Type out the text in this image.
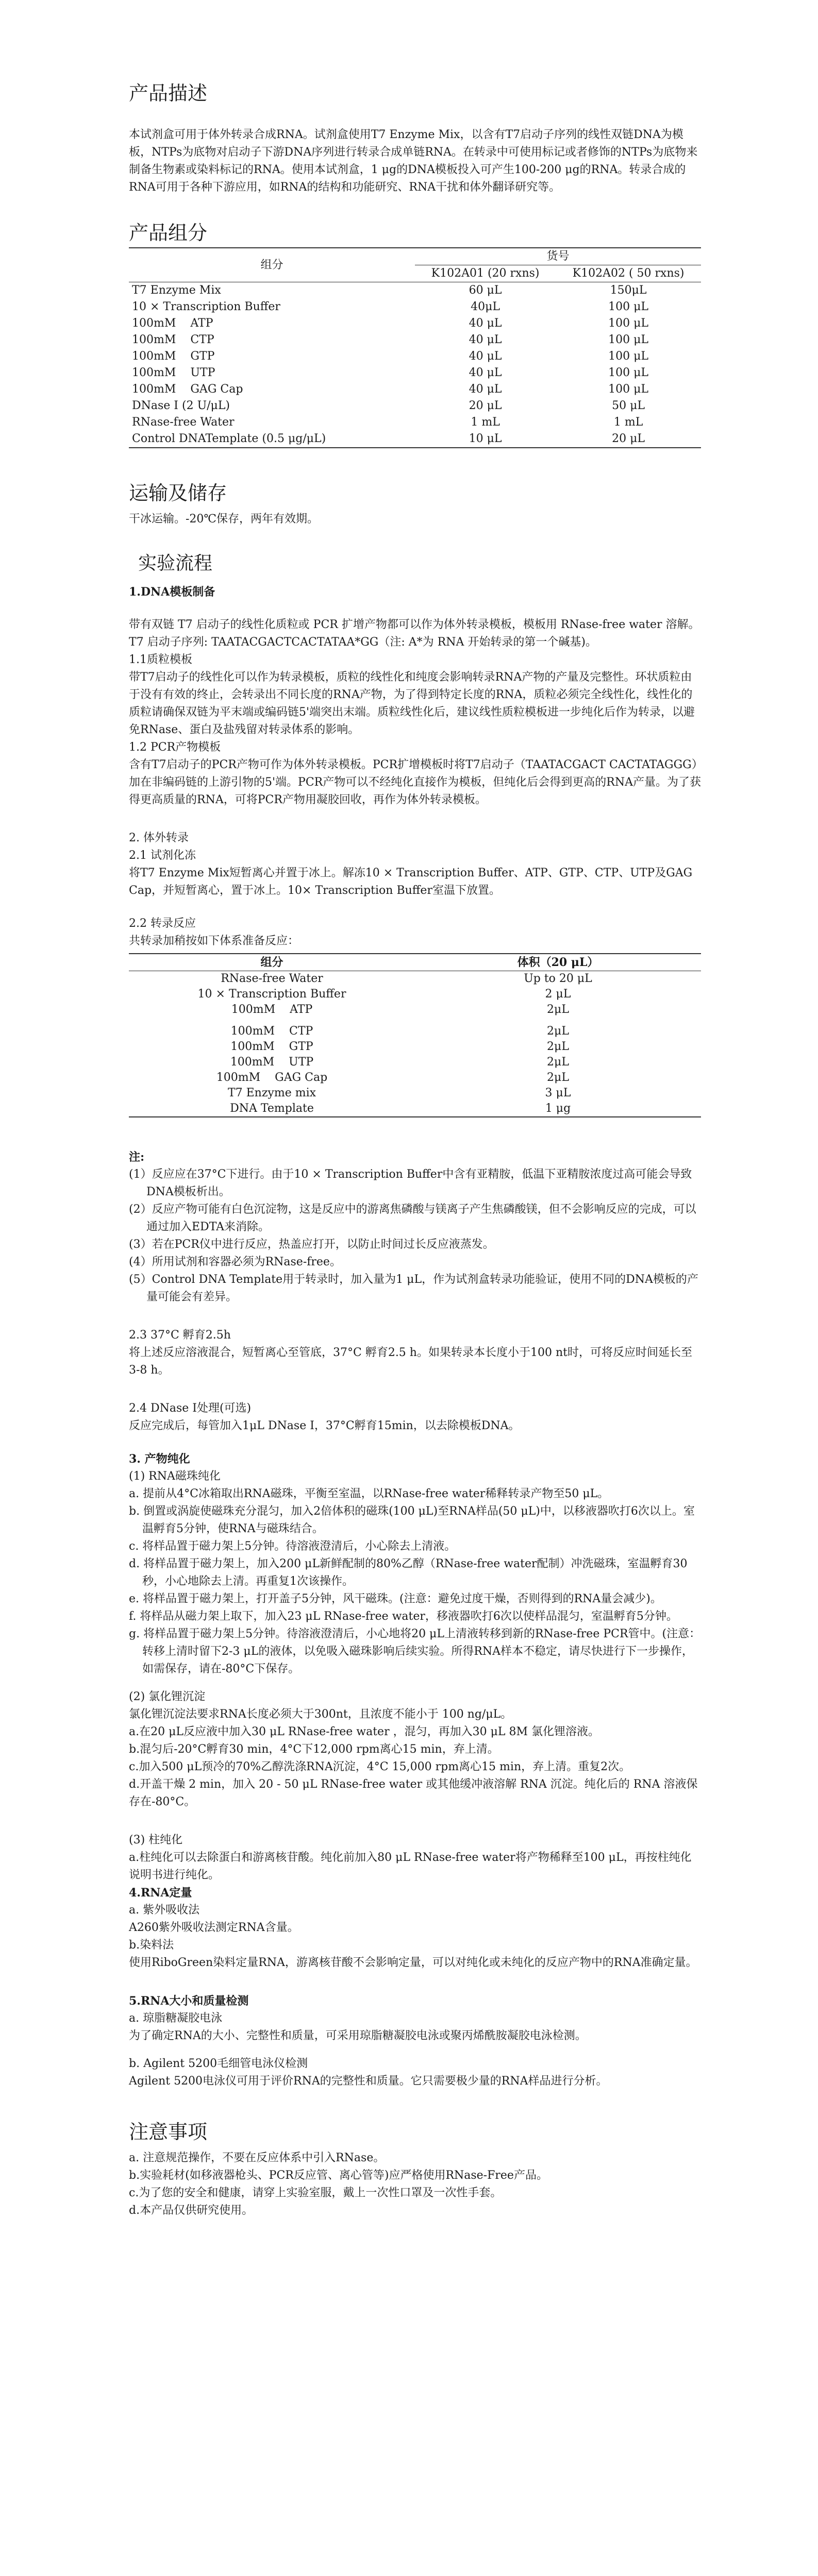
产品描述

本试剂盒可用于体外转录合成RNA。试剂盒使用T7 Enzyme Mix，以含有T7启动子序列的线性双链DNA为模板，NTPs为底物对启动子下游DNA序列进行转录合成单链RNA。在转录中可使用标记或者修饰的NTPs为底物来制备生物素或染料标记的RNA。使用本试剂盒，1 μg的DNA模板投入可产生100-200 μg的RNA。转录合成的RNA可用于各种下游应用，如RNA的结构和功能研究、RNA干扰和体外翻译研究等。

产品组分
组分	货号	
	K102A01 (20 rxns)	K102A02 ( 50 rxns)
T7 Enzyme Mix	60 μL	150μL
10 × Transcription Buffer	40μL	100 μL
100mM    ATP	40 μL	100 μL
100mM    CTP	40 μL	100 μL
100mM    GTP	40 μL	100 μL
100mM    UTP	40 μL	100 μL
100mM    GAG Cap	40 μL	100 μL
DNase I (2 U/μL)	20 μL	50 μL
RNase-free Water	1 mL	1 mL
Control DNATemplate (0.5 μg/μL)	10 μL	20 μL
运输及储存

干冰运输。-20℃保存，两年有效期。

实验流程

1.DNA模板制备

带有双链 T7 启动子的线性化质粒或 PCR 扩增产物都可以作为体外转录模板，模板用 RNase-free water 溶解。

T7 启动子序列: TAATACGACTCACTATAA*GG（注: A*为 RNA 开始转录的第一个碱基)。

1.1质粒模板

带T7启动子的线性化可以作为转录模板，质粒的线性化和纯度会影响转录RNA产物的产量及完整性。环状质粒由于没有有效的终止，会转录出不同长度的RNA产物，为了得到特定长度的RNA，质粒必须完全线性化，线性化的质粒请确保双链为平末端或编码链5'端突出末端。质粒线性化后，建议线性质粒模板进一步纯化后作为转录，以避免RNase、蛋白及盐残留对转录体系的影响。

1.2 PCR产物模板

含有T7启动子的PCR产物可作为体外转录模板。PCR扩增模板时将T7启动子（TAATACGACT CACTATAGGG）加在非编码链的上游引物的5'端。PCR产物可以不经纯化直接作为模板，但纯化后会得到更高的RNA产量。为了获得更高质量的RNA，可将PCR产物用凝胶回收，再作为体外转录模板。

2. 体外转录

2.1 试剂化冻

将T7 Enzyme Mix短暂离心并置于冰上。解冻10 × Transcription Buffer、ATP、GTP、CTP、UTP及GAG Cap，并短暂离心，置于冰上。10× Transcription Buffer室温下放置。

2.2 转录反应

共转录加稍按如下体系准备反应：

组分	体积（20 μL）
RNase-free Water	Up to 20 μL
10 × Transcription Buffer	2 μL
100mM    ATP	2μL

100mM    CTP	2μL
100mM    GTP	2μL
100mM    UTP	2μL
100mM    GAG Cap	2μL
T7 Enzyme mix	3 μL
DNA Template	1 μg

注:

(1）反应应在37°C下进行。由于10 × Transcription Buffer中含有亚精胺，低温下亚精胺浓度过高可能会导致DNA模板析出。

(2）反应产物可能有白色沉淀物，这是反应中的游离焦磷酸与镁离子产生焦磷酸镁，但不会影响反应的完成，可以通过加入EDTA来消除。

(3）若在PCR仪中进行反应，热盖应打开，以防止时间过长反应液蒸发。

(4）所用试剂和容器必须为RNase-free。

(5）Control DNA Template用于转录时，加入量为1 μL，作为试剂盒转录功能验证，使用不同的DNA模板的产量可能会有差异。

2.3 37°C 孵育2.5h

将上述反应溶液混合，短暂离心至管底，37°C 孵育2.5 h。如果转录本长度小于100 nt时，可将反应时间延长至3-8 h。

2.4 DNase I处理(可选)

反应完成后，每管加入1μL DNase I，37°C孵育15min，以去除模板DNA。

3. 产物纯化

(1) RNA磁珠纯化

a. 提前从4°C冰箱取出RNA磁珠，平衡至室温，以RNase-free water稀释转录产物至50 μL。

b. 倒置或涡旋使磁珠充分混匀，加入2倍体积的磁珠(100 μL)至RNA样品(50 μL)中，以移液器吹打6次以上。室温孵育5分钟，使RNA与磁珠结合。

c. 将样品置于磁力架上5分钟。待溶液澄清后，小心除去上清液。

d. 将样品置于磁力架上，加入200 μL新鲜配制的80%乙醇（RNase-free water配制）冲洗磁珠，室温孵育30秒，小心地除去上清。再重复1次该操作。

e. 将样品置于磁力架上，打开盖子5分钟，风干磁珠。(注意：避免过度干燥，否则得到的RNA量会减少)。

f. 将样品从磁力架上取下，加入23 μL RNase-free water，移液器吹打6次以使样品混匀，室温孵育5分钟。

g. 将样品置于磁力架上5分钟。待溶液澄清后，小心地将20 μL上清液转移到新的RNase-free PCR管中。(注意：转移上清时留下2-3 μL的液体，以免吸入磁珠影响后续实验。所得RNA样本不稳定，请尽快进行下一步操作，如需保存，请在-80°C下保存。

(2) 氯化锂沉淀

氯化锂沉淀法要求RNA长度必须大于300nt，且浓度不能小于 100 ng/μL。

a.在20 μL反应液中加入30 μL RNase-free water ，混匀，再加入30 μL 8M 氯化锂溶液。

b.混匀后-20°C孵育30 min，4°C下12,000 rpm离心15 min，弃上清。

c.加入500 μL预冷的70%乙醇洗涤RNA沉淀，4°C 15,000 rpm离心15 min，弃上清。重复2次。

d.开盖干燥 2 min，加入 20 - 50 μL RNase-free water 或其他缓冲液溶解 RNA 沉淀。纯化后的 RNA 溶液保存在-80°C。

(3) 柱纯化

a.柱纯化可以去除蛋白和游离核苷酸。纯化前加入80 μL RNase-free water将产物稀释至100 μL，再按柱纯化说明书进行纯化。

4.RNA定量

a. 紫外吸收法

A260紫外吸收法测定RNA含量。

b.染料法

使用RiboGreen染料定量RNA，游离核苷酸不会影响定量，可以对纯化或未纯化的反应产物中的RNA准确定量。

5.RNA大小和质量检测

a. 琼脂糖凝胶电泳

为了确定RNA的大小、完整性和质量，可采用琼脂糖凝胶电泳或聚丙烯酰胺凝胶电泳检测。

b. Agilent 5200毛细管电泳仪检测

Agilent 5200电泳仪可用于评价RNA的完整性和质量。它只需要极少量的RNA样品进行分析。

注意事项

a. 注意规范操作，不要在反应体系中引入RNase。

b.实验耗材(如移液器枪头、PCR反应管、离心管等)应严格使用RNase-Free产品。

c.为了您的安全和健康，请穿上实验室服，戴上一次性口罩及一次性手套。

d.本产品仅供研究使用。
